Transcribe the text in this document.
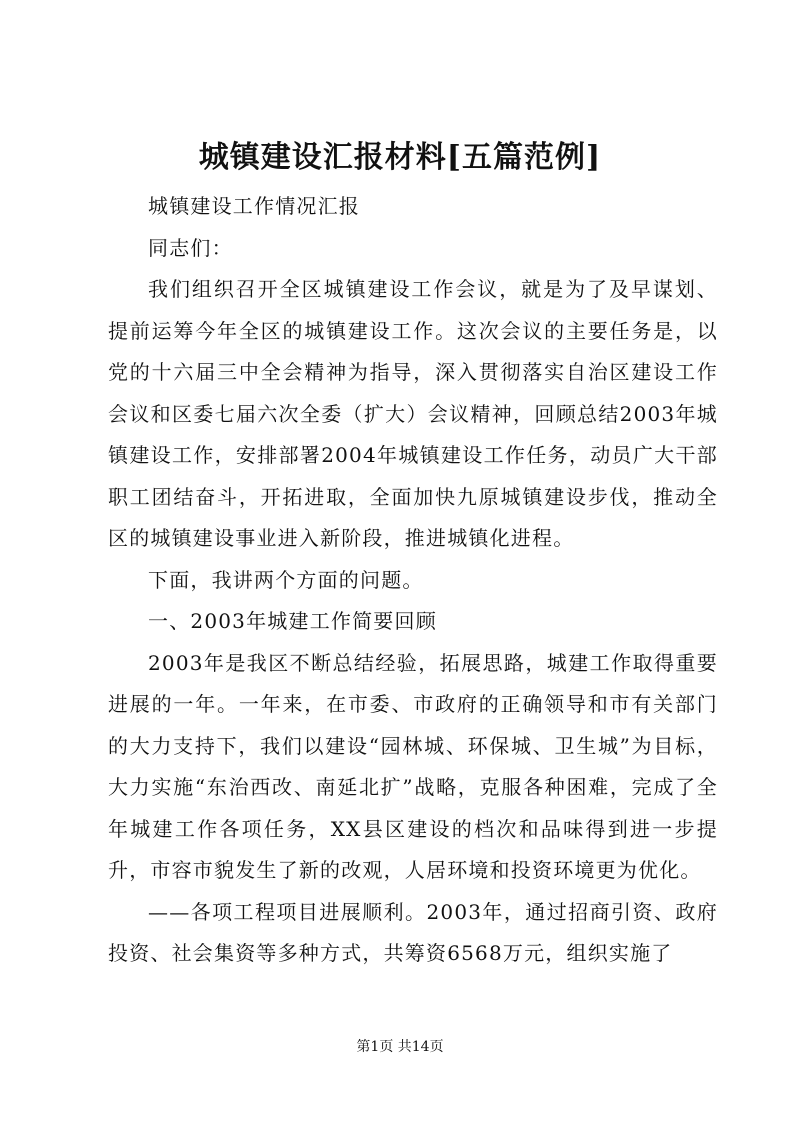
城镇建设汇报材料[五篇范例]

城镇建设工作情况汇报

同志们：

我们组织召开全区城镇建设工作会议，就是为了及早谋划、提前运筹今年全区的城镇建设工作。这次会议的主要任务是，以党的十六届三中全会精神为指导，深入贯彻落实自治区建设工作会议和区委七届六次全委（扩大）会议精神，回顾总结2003年城镇建设工作，安排部署2004年城镇建设工作任务，动员广大干部职工团结奋斗，开拓进取，全面加快九原城镇建设步伐，推动全区的城镇建设事业进入新阶段，推进城镇化进程。

下面，我讲两个方面的问题。

一、2003年城建工作简要回顾

2003年是我区不断总结经验，拓展思路，城建工作取得重要进展的一年。一年来，在市委、市政府的正确领导和市有关部门的大力支持下，我们以建设“园林城、环保城、卫生城”为目标，大力实施“东治西改、南延北扩”战略，克服各种困难，完成了全年城建工作各项任务，XX县区建设的档次和品味得到进一步提升，市容市貌发生了新的改观，人居环境和投资环境更为优化。

——各项工程项目进展顺利。2003年，通过招商引资、政府投资、社会集资等多种方式，共筹资6568万元，组织实施了

第1页 共14页
